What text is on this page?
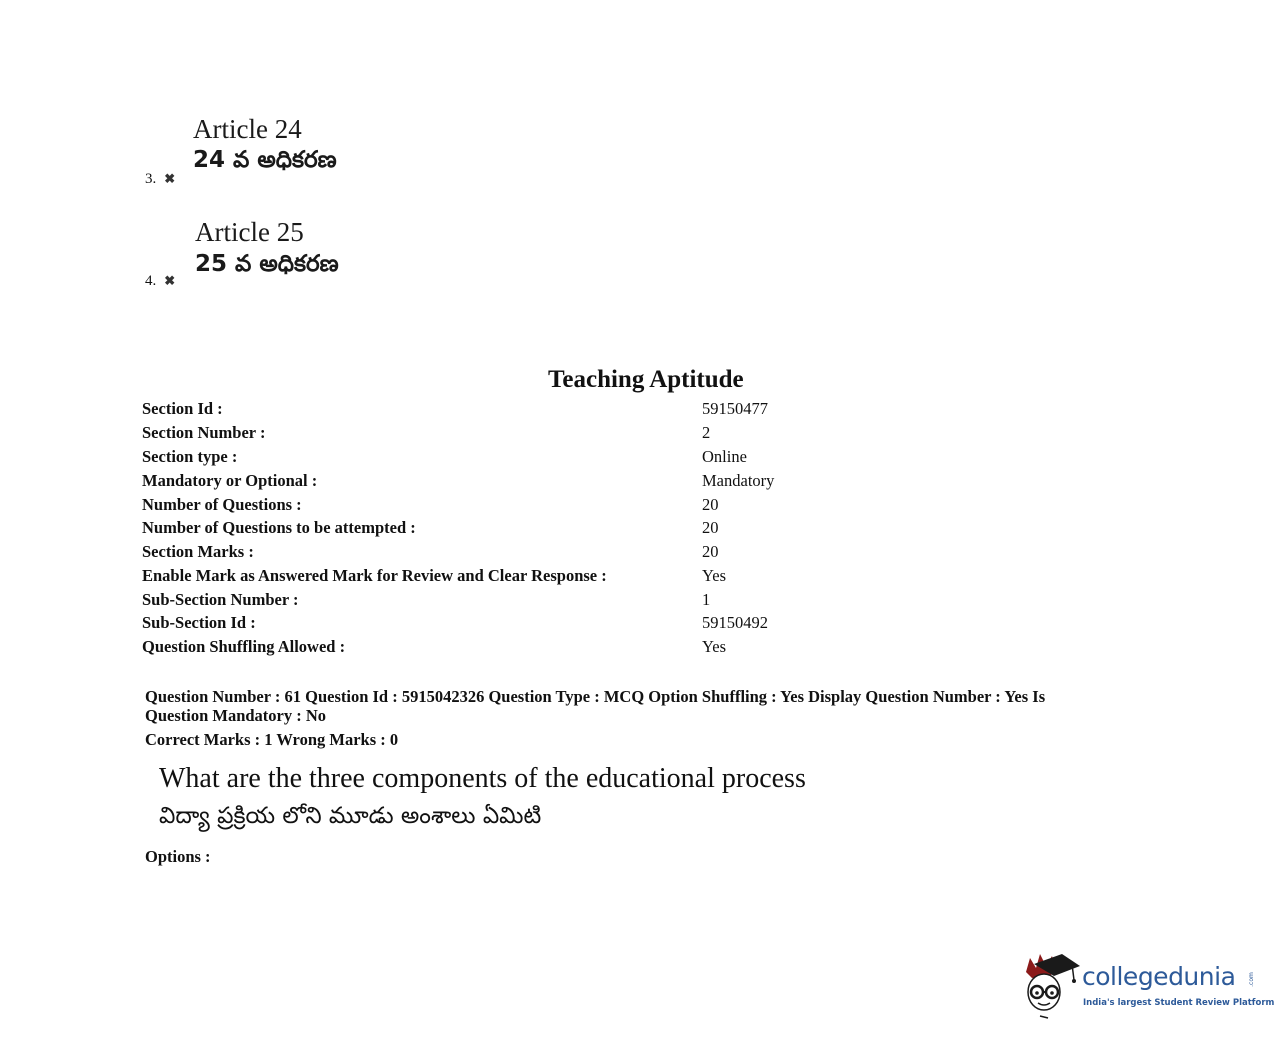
Article 24
24 వ అధికరణ
3. ✖
Article 25
25 వ అధికరణ
4. ✖
Teaching Aptitude
Section Id :	59150477
Section Number :	2
Section type :	Online
Mandatory or Optional :	Mandatory
Number of Questions :	20
Number of Questions to be attempted :	20
Section Marks :	20
Enable Mark as Answered Mark for Review and Clear Response :	Yes
Sub-Section Number :	1
Sub-Section Id :	59150492
Question Shuffling Allowed :	Yes
Question Number : 61 Question Id : 5915042326 Question Type : MCQ Option Shuffling : Yes Display Question Number : Yes Is
Question Mandatory : No
Correct Marks : 1 Wrong Marks : 0
What are the three components of the educational process
విద్యా ప్రక్రియ లోని మూడు అంశాలు ఏమిటి
Options :
collegedunia .com
India's largest Student Review Platform
